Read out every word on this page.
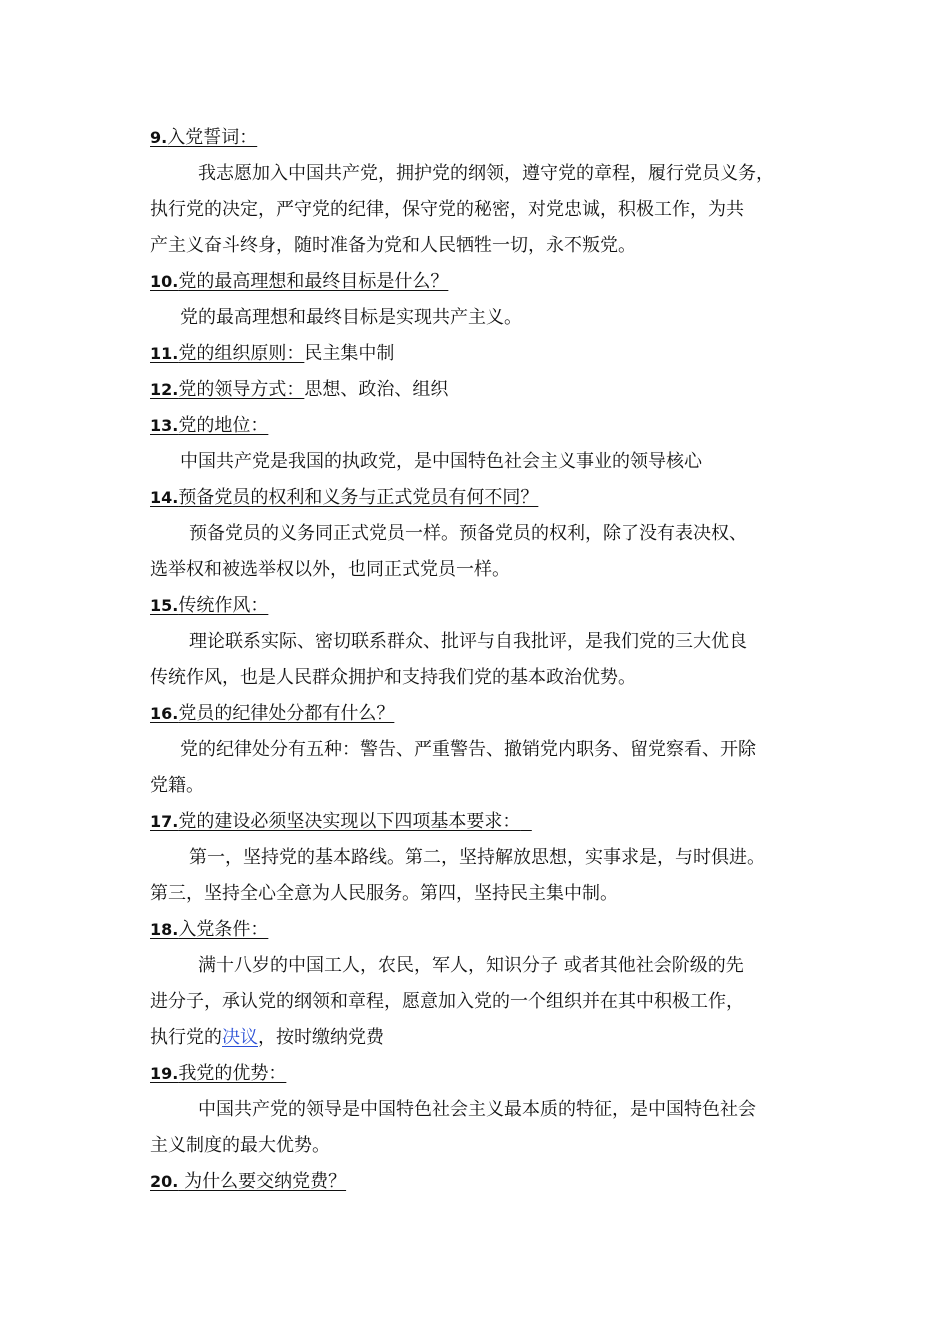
9.入党誓词：
我志愿加入中国共产党，拥护党的纲领，遵守党的章程，履行党员义务，
执行党的决定，严守党的纪律，保守党的秘密，对党忠诚，积极工作，为共
产主义奋斗终身，随时准备为党和人民牺牲一切，永不叛党。
10.党的最高理想和最终目标是什么？
党的最高理想和最终目标是实现共产主义。
11.党的组织原则：民主集中制
12.党的领导方式：思想、政治、组织
13.党的地位：
中国共产党是我国的执政党，是中国特色社会主义事业的领导核心
14.预备党员的权利和义务与正式党员有何不同？
预备党员的义务同正式党员一样。预备党员的权利，除了没有表决权、
选举权和被选举权以外，也同正式党员一样。
15.传统作风：
理论联系实际、密切联系群众、批评与自我批评，是我们党的三大优良
传统作风，也是人民群众拥护和支持我们党的基本政治优势。
16.党员的纪律处分都有什么？
党的纪律处分有五种：警告、严重警告、撤销党内职务、留党察看、开除
党籍。
17.党的建设必须坚决实现以下四项基本要求：
第一，坚持党的基本路线。第二，坚持解放思想，实事求是，与时俱进。
第三，坚持全心全意为人民服务。第四，坚持民主集中制。
18.入党条件：
满十八岁的中国工人，农民，军人，知识分子 或者其他社会阶级的先
进分子，承认党的纲领和章程，愿意加入党的一个组织并在其中积极工作，
执行党的决议，按时缴纳党费
19.我党的优势：
中国共产党的领导是中国特色社会主义最本质的特征，是中国特色社会
主义制度的最大优势。
20. 为什么要交纳党费？
